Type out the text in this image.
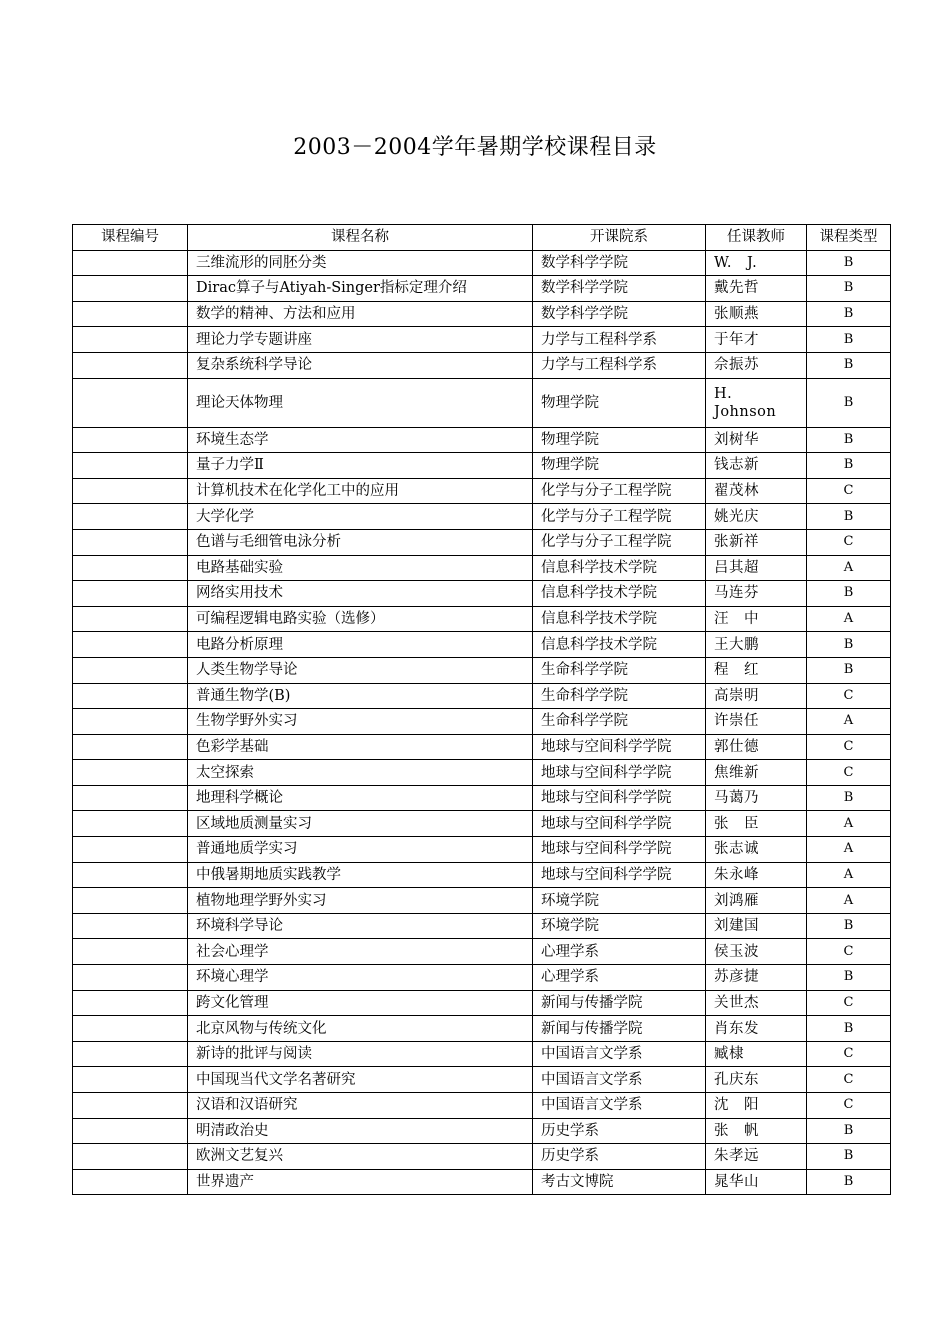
2003－2004学年暑期学校课程目录
课程编号	课程名称	开课院系	任课教师	课程类型
	三维流形的同胚分类	数学科学学院	W.　J.	B
	Dirac算子与Atiyah-Singer指标定理介绍	数学科学学院	戴先哲	B
	数学的精神、方法和应用	数学科学学院	张顺燕	B
	理论力学专题讲座	力学与工程科学系	于年才	B
	复杂系统科学导论	力学与工程科学系	佘振苏	B
	理论天体物理	物理学院	H. Johnson	B
	环境生态学	物理学院	刘树华	B
	量子力学Ⅱ	物理学院	钱志新	B
	计算机技术在化学化工中的应用	化学与分子工程学院	翟茂林	C
	大学化学	化学与分子工程学院	姚光庆	B
	色谱与毛细管电泳分析	化学与分子工程学院	张新祥	C
	电路基础实验	信息科学技术学院	吕其超	A
	网络实用技术	信息科学技术学院	马连芬	B
	可编程逻辑电路实验（选修）	信息科学技术学院	汪　中	A
	电路分析原理	信息科学技术学院	王大鹏	B
	人类生物学导论	生命科学学院	程　红	B
	普通生物学(B)	生命科学学院	高崇明	C
	生物学野外实习	生命科学学院	许崇任	A
	色彩学基础	地球与空间科学学院	郭仕德	C
	太空探索	地球与空间科学学院	焦维新	C
	地理科学概论	地球与空间科学学院	马蔼乃	B
	区域地质测量实习	地球与空间科学学院	张　臣	A
	普通地质学实习	地球与空间科学学院	张志诚	A
	中俄暑期地质实践教学	地球与空间科学学院	朱永峰	A
	植物地理学野外实习	环境学院	刘鸿雁	A
	环境科学导论	环境学院	刘建国	B
	社会心理学	心理学系	侯玉波	C
	环境心理学	心理学系	苏彦捷	B
	跨文化管理	新闻与传播学院	关世杰	C
	北京风物与传统文化	新闻与传播学院	肖东发	B
	新诗的批评与阅读	中国语言文学系	臧棣	C
	中国现当代文学名著研究	中国语言文学系	孔庆东	C
	汉语和汉语研究	中国语言文学系	沈　阳	C
	明清政治史	历史学系	张　帆	B
	欧洲文艺复兴	历史学系	朱孝远	B
	世界遗产	考古文博院	晁华山	B
